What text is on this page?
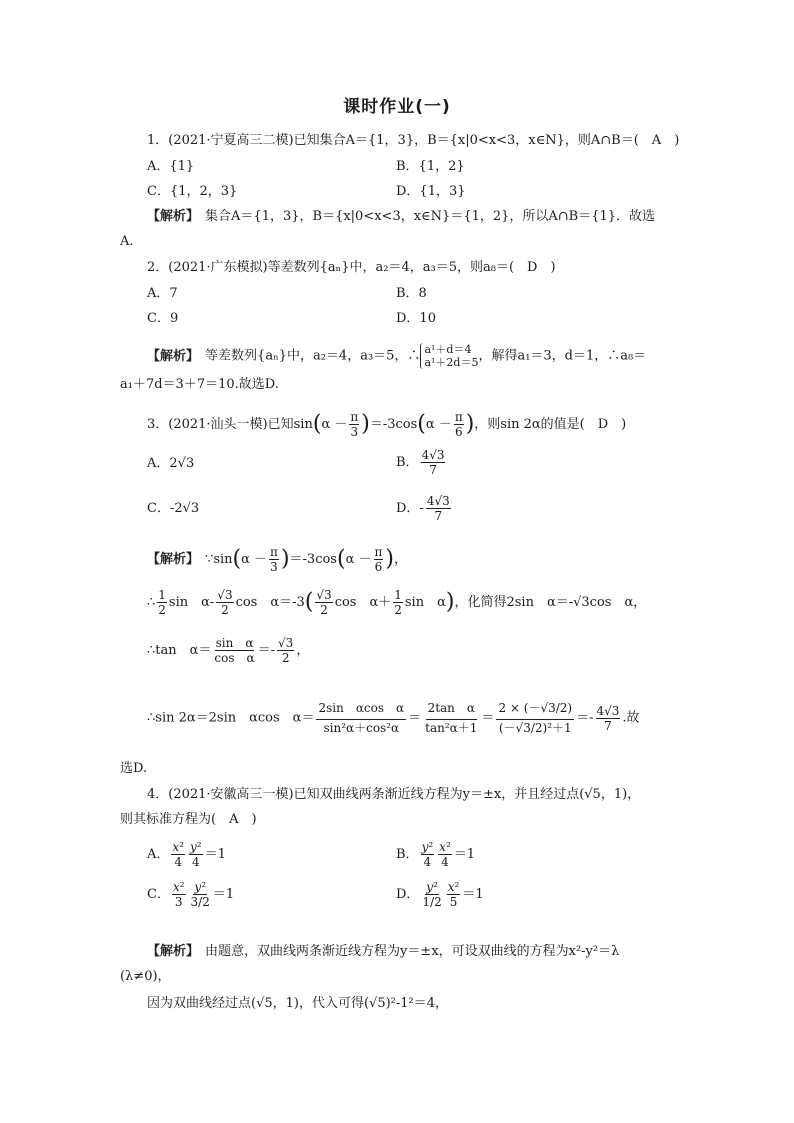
课时作业(一)
1．(2021·宁夏高三二模)已知集合A＝{1，3}，B＝{x|0<x<3，x∈N}，则A∩B＝(　A　)
A．{1}	B．{1，2}
C．{1，2，3}	D．{1，3}
【 解析 】 集合A＝{1，3}，B＝{x|0<x<3，x∈N}＝{1，2}，所以A∩B＝{1}．故选
A.
2．(2021·广东模拟)等差数列{aₙ}中，a₂＝4，a₃＝5，则a₈＝(　D　)
A．7	B．8
C．9	D．10
【 解析 】 等差数列{aₙ}中，a₂＝4，a₃＝5，∴ a¹＋d＝4
a¹＋2d＝5 ，解得a₁＝3，d＝1，∴a₈＝
a₁＋7d＝3＋7＝10.故选D.
3．(2021·汕头一模)已知$\sin(\alpha - \frac{\pi}{3} )=-3\cos(\alpha - \frac{\pi}{6}$ )，则sin 2α的值是(　D　)
A．2√3	B． $\frac{4√3}{7}$
C．-2√3	D．- $\frac{4√3}{7}$
【 解析 】 ∵sin(α － $\frac{\pi}{3} )=-3\cos(\alpha - \frac{\pi}{6}$ )，
∴ $\frac{1}{2}$ sin　$\alpha- \frac{√3}{2}$ cos　$\alpha=-3( \frac{√3}{2}$ cos　$\alpha+ \frac{1}{2}$ sin　α)，化简得2sin　α＝-√3cos　α，
∴tan　$\alpha= \frac{\text{sin　α}}{\text{cos　α}} =- \frac{√3}{2}$ ，
∴sin 2α＝2sin　αcos　$\alpha= \frac{\text{2sin　αcos　α}}{\text{sin²α＋cos²α}} = \frac{\text{2tan　α}}{\text{tan²α＋1}} = \frac{2 \times (-√3/2)}{\text{(－√3/2)²＋1}} =- \frac{4√3}{7}$ .故
选D.
4．(2021·安徽高三一模)已知双曲线两条渐近线方程为y＝±x，并且经过点(√5，1)，
则其标准方程为(　A　)
A． $\frac{\text{x²}}{4} \frac{\text{y²}}{4} =1$	B． $\frac{\text{y²}}{4} \frac{\text{x²}}{4} =1$
C． $\frac{\text{x²}}{3} \frac{\text{y²}}{3/2} =1$	D． $\frac{\text{y²}}{1/2} \frac{\text{x²}}{5} =1$
【 解析 】 由题意，双曲线两条渐近线方程为y＝±x，可设双曲线的方程为x²-y²＝λ
(λ≠0)，
因为双曲线经过点(√5，1)，代入可得(√5)²-1²＝4，
